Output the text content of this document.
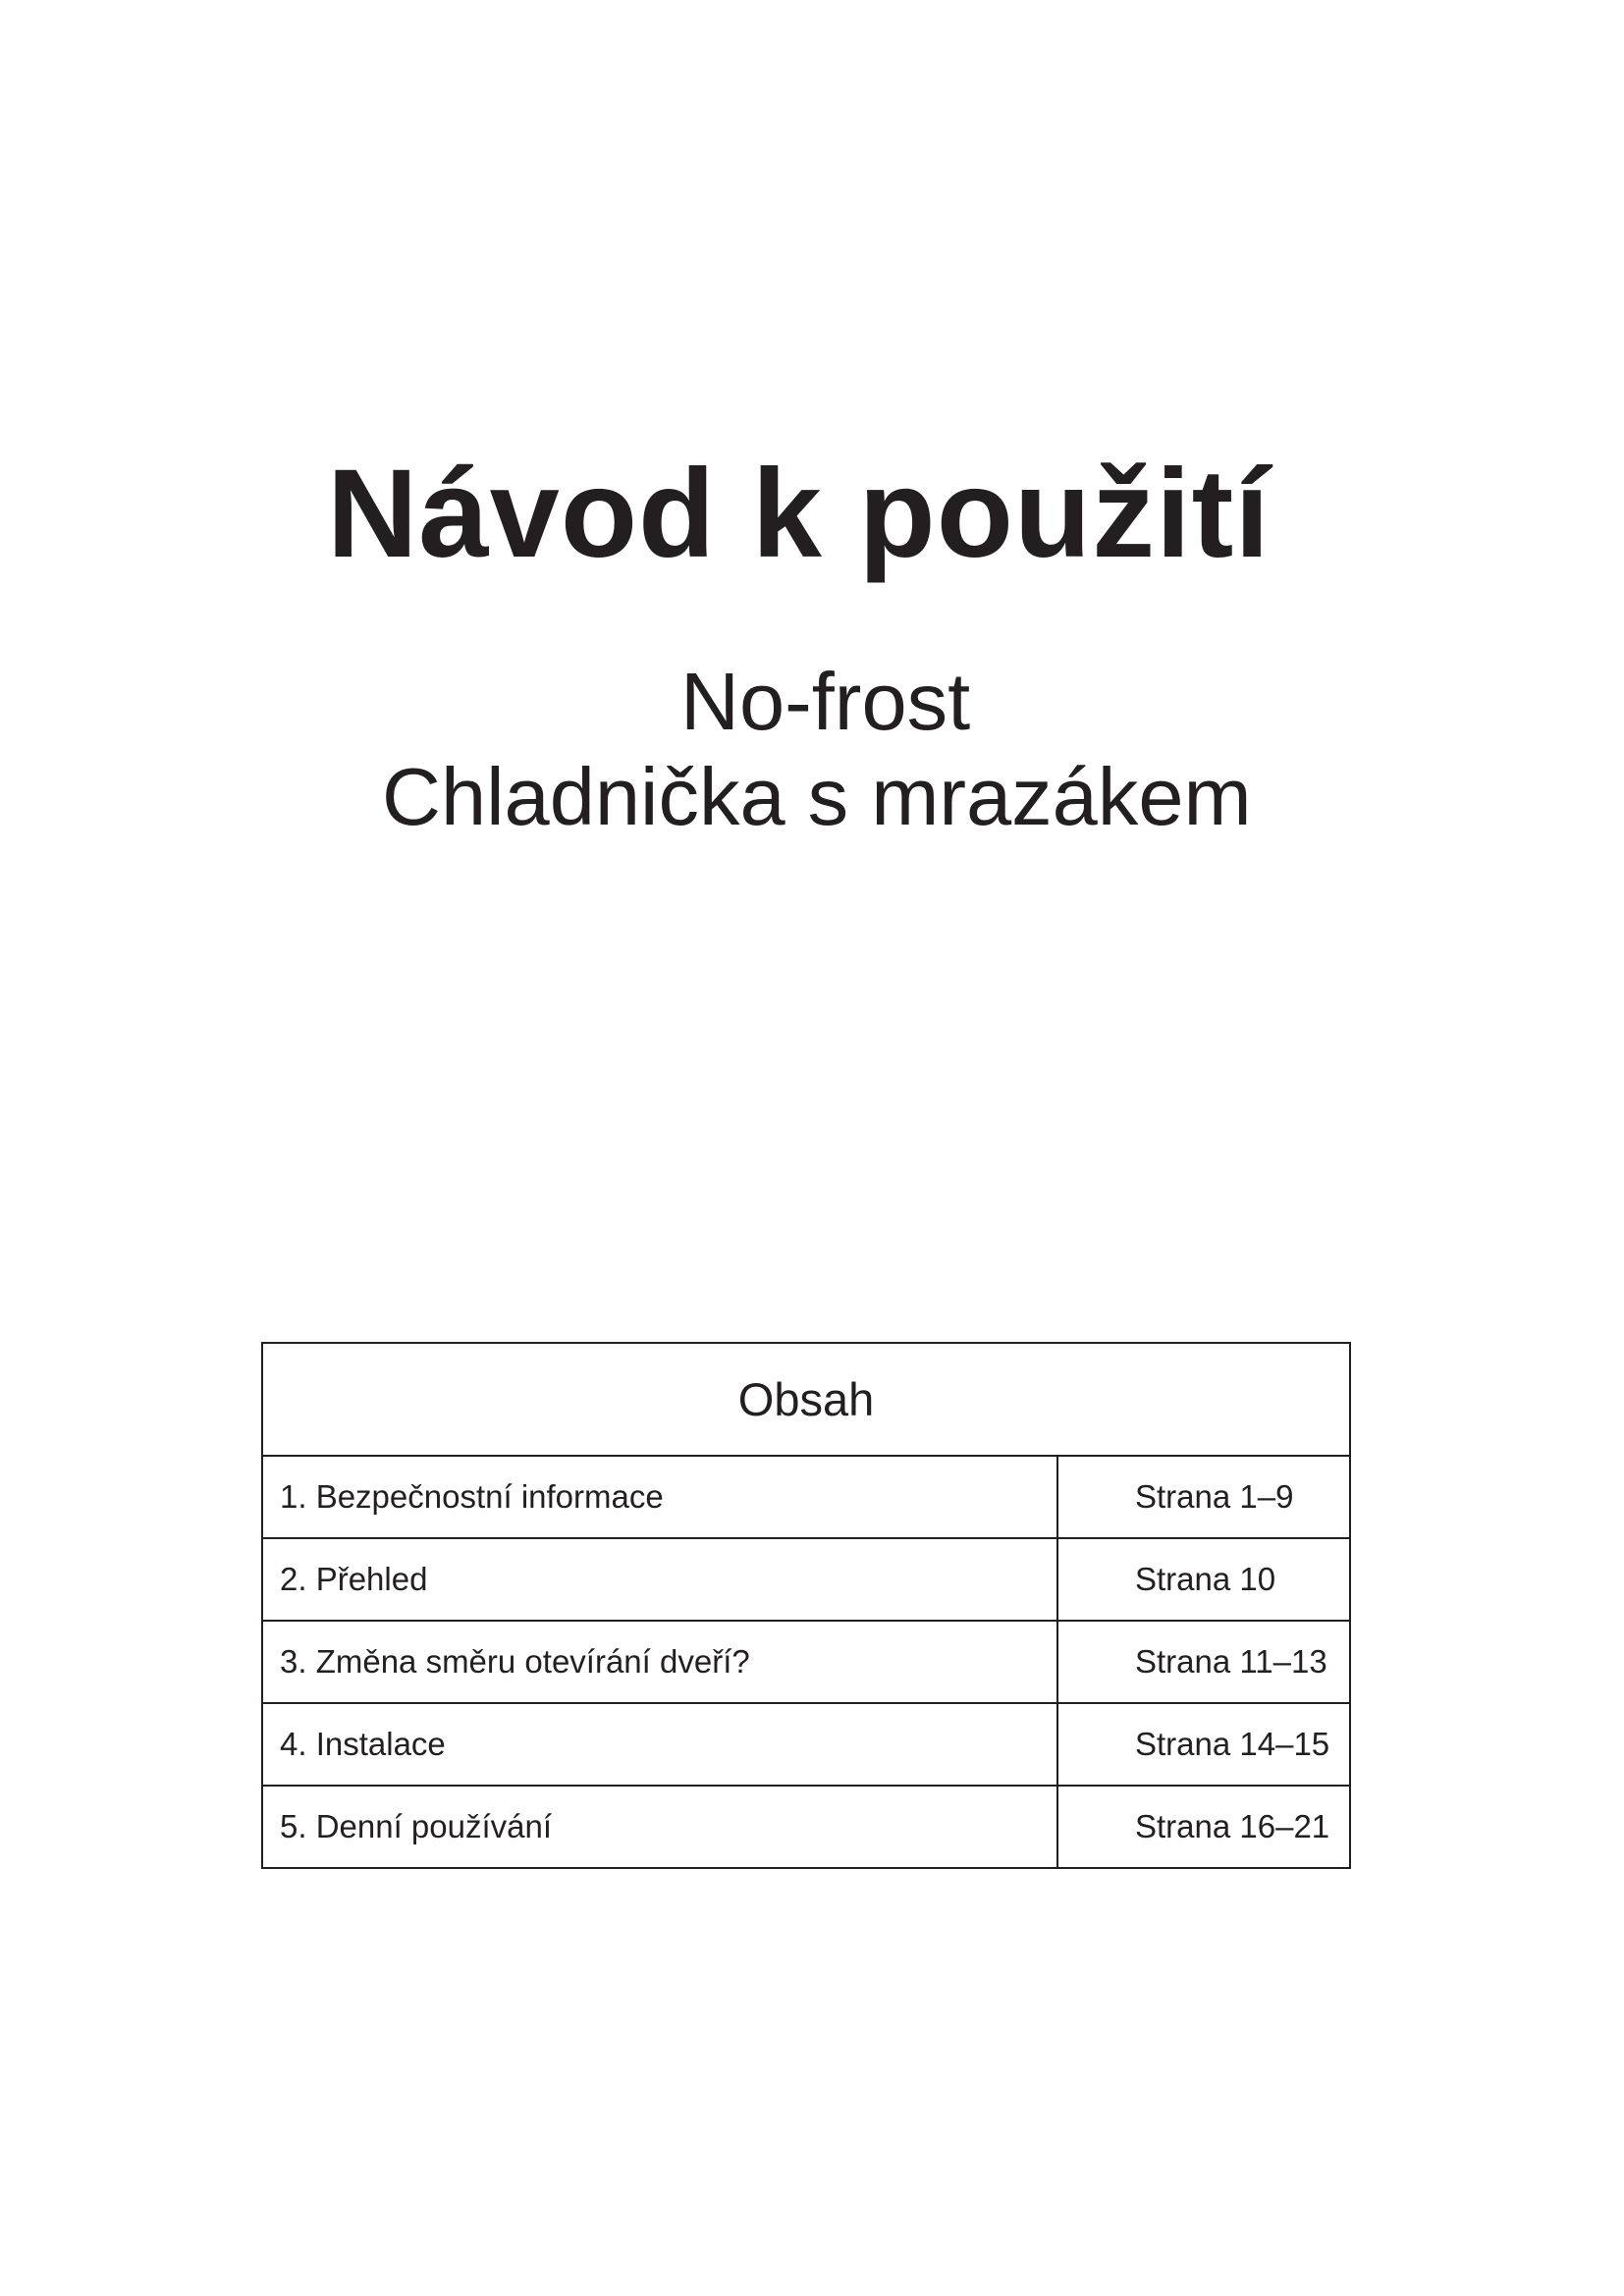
Návod k použití
No-frost
Chladnička s mrazákem
Obsah	
1. Bezpečnostní informace	Strana 1–9
2. Přehled	Strana 10
3. Změna směru otevírání dveří?	Strana 11–13
4. Instalace	Strana 14–15
5. Denní používání	Strana 16–21
